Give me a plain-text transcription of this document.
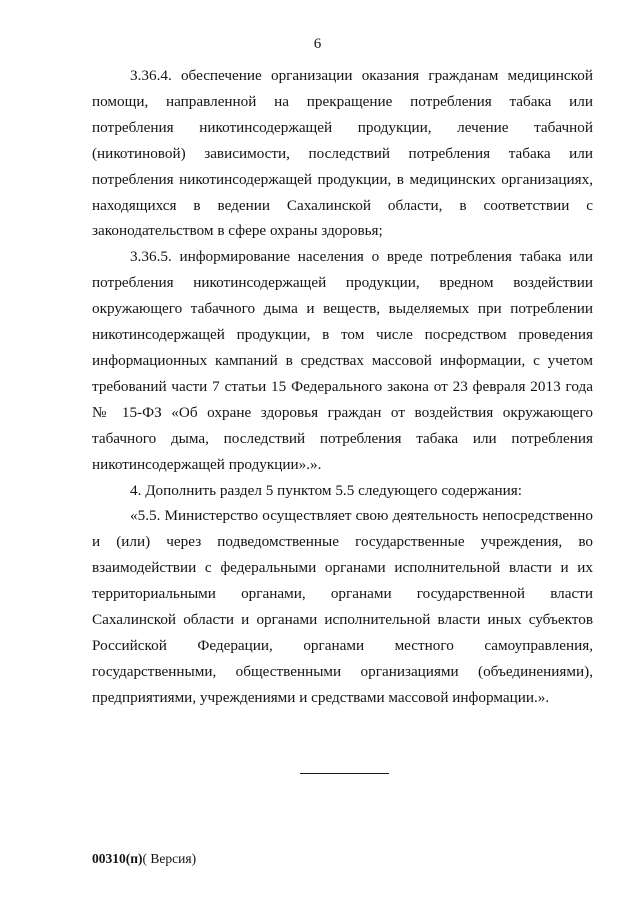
6

3.36.4. обеспечение организации оказания гражданам медицинской помощи, направленной на прекращение потребления табака или потребления никотинсодержащей продукции, лечение табачной (никотиновой) зависимости, последствий потребления табака или потребления никотинсодержащей продукции, в медицинских организациях, находящихся в ведении Сахалинской области, в соответствии с законодательством в сфере охраны здоровья;

3.36.5. информирование населения о вреде потребления табака или потребления никотинсодержащей продукции, вредном воздействии окружающего табачного дыма и веществ, выделяемых при потреблении никотинсодержащей продукции, в том числе посредством проведения информационных кампаний в средствах массовой информации, с учетом требований части 7 статьи 15 Федерального закона от 23 февраля 2013 года № 15-ФЗ «Об охране здоровья граждан от воздействия окружающего табачного дыма, последствий потребления табака или потребления никотинсодержащей продукции».».

4. Дополнить раздел 5 пунктом 5.5 следующего содержания:

«5.5. Министерство осуществляет свою деятельность непосредственно и (или) через подведомственные государственные учреждения, во взаимодействии с федеральными органами исполнительной власти и их территориальными органами, органами государственной власти Сахалинской области и органами исполнительной власти иных субъектов Российской Федерации, органами местного самоуправления, государственными, общественными организациями (объединениями), предприятиями, учреждениями и средствами массовой информации.».

00310(п)( Версия)
